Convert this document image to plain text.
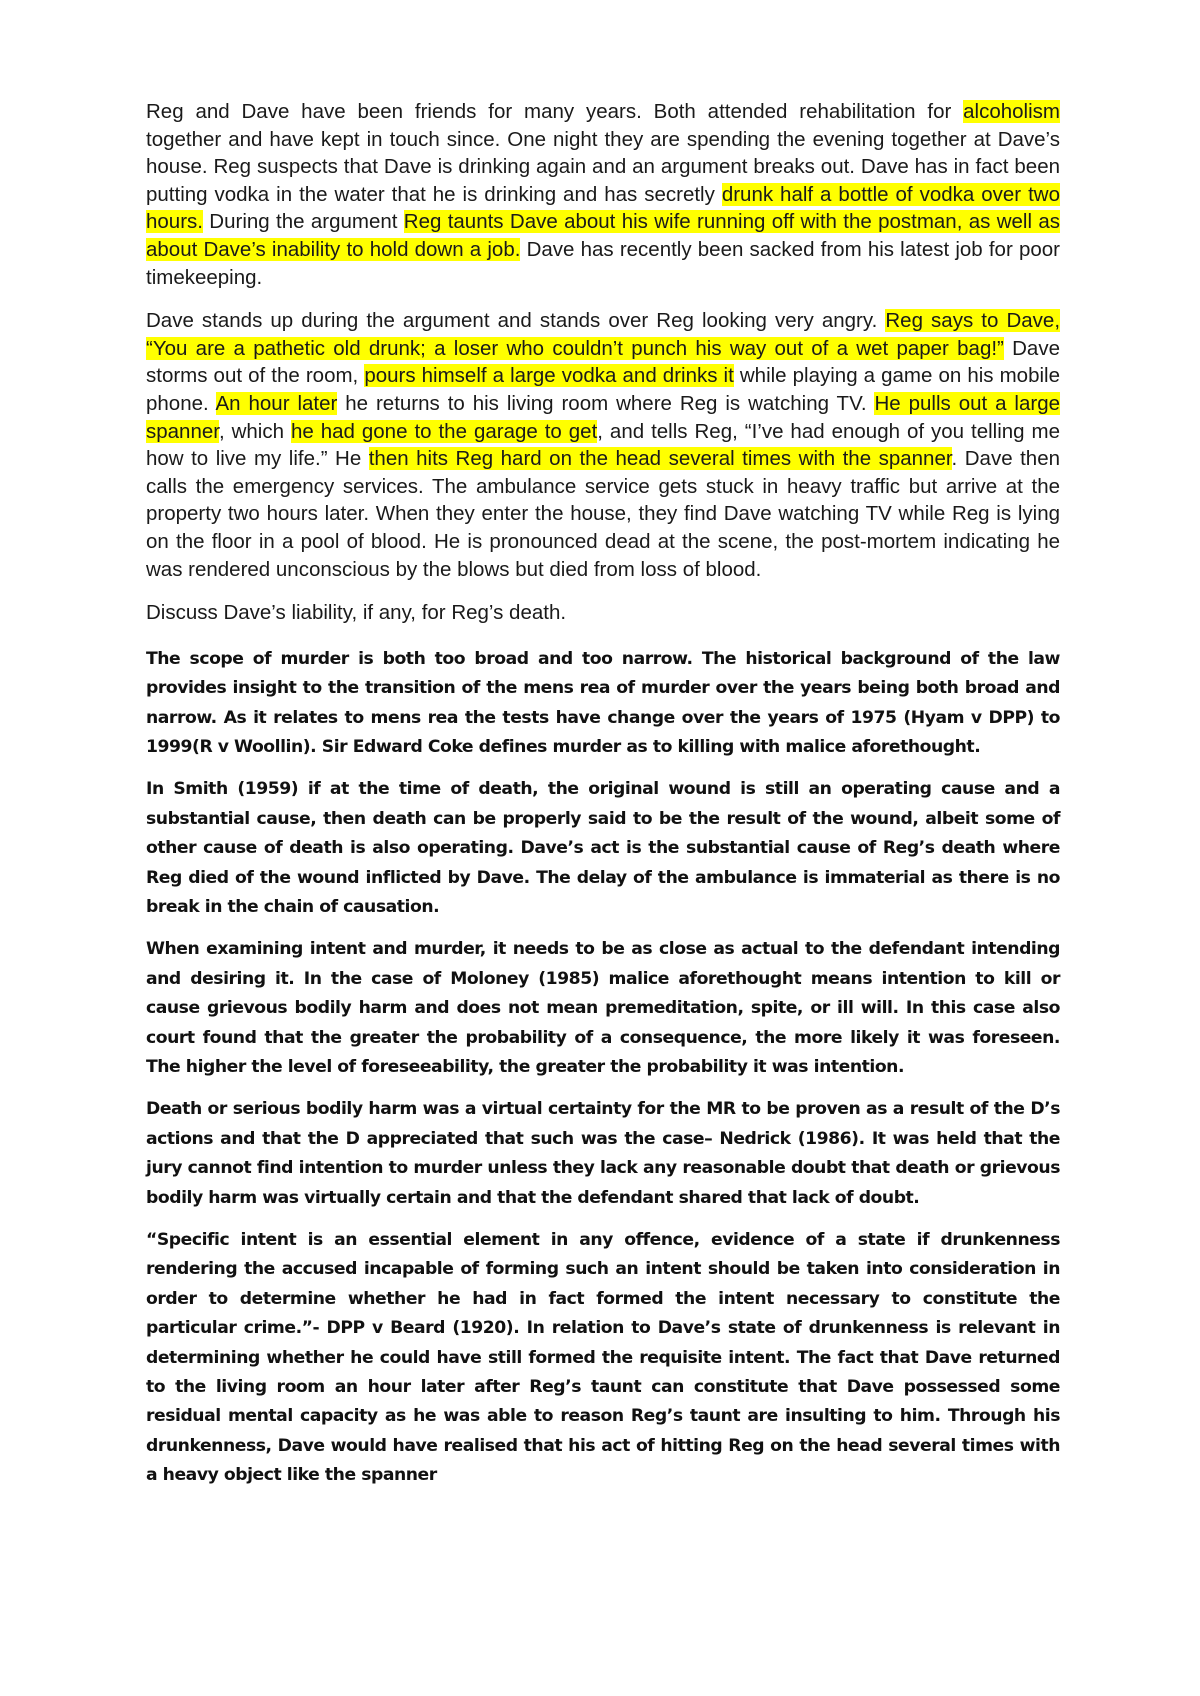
Reg and Dave have been friends for many years. Both attended rehabilitation for alcoholism together and have kept in touch since. One night they are spending the evening together at Dave’s house. Reg suspects that Dave is drinking again and an argument breaks out. Dave has in fact been putting vodka in the water that he is drinking and has secretly drunk half a bottle of vodka over two hours. During the argument Reg taunts Dave about his wife running off with the postman, as well as about Dave’s inability to hold down a job. Dave has recently been sacked from his latest job for poor timekeeping.

Dave stands up during the argument and stands over Reg looking very angry. Reg says to Dave, “You are a pathetic old drunk; a loser who couldn’t punch his way out of a wet paper bag!” Dave storms out of the room, pours himself a large vodka and drinks it while playing a game on his mobile phone. An hour later he returns to his living room where Reg is watching TV. He pulls out a large spanner, which he had gone to the garage to get, and tells Reg, “I’ve had enough of you telling me how to live my life.” He then hits Reg hard on the head several times with the spanner. Dave then calls the emergency services. The ambulance service gets stuck in heavy traffic but arrive at the property two hours later. When they enter the house, they find Dave watching TV while Reg is lying on the floor in a pool of blood. He is pronounced dead at the scene, the post-mortem indicating he was rendered unconscious by the blows but died from loss of blood.

Discuss Dave’s liability, if any, for Reg’s death.

The scope of murder is both too broad and too narrow. The historical background of the law provides insight to the transition of the mens rea of murder over the years being both broad and narrow. As it relates to mens rea the tests have change over the years of 1975 (Hyam v DPP) to 1999(R v Woollin). Sir Edward Coke defines murder as to killing with malice aforethought.

In Smith (1959) if at the time of death, the original wound is still an operating cause and a substantial cause, then death can be properly said to be the result of the wound, albeit some of other cause of death is also operating. Dave’s act is the substantial cause of Reg’s death where Reg died of the wound inflicted by Dave. The delay of the ambulance is immaterial as there is no break in the chain of causation.

When examining intent and murder, it needs to be as close as actual to the defendant intending and desiring it. In the case of Moloney (1985) malice aforethought means intention to kill or cause grievous bodily harm and does not mean premeditation, spite, or ill will. In this case also court found that the greater the probability of a consequence, the more likely it was foreseen. The higher the level of foreseeability, the greater the probability it was intention.

Death or serious bodily harm was a virtual certainty for the MR to be proven as a result of the D’s actions and that the D appreciated that such was the case– Nedrick (1986). It was held that the jury cannot find intention to murder unless they lack any reasonable doubt that death or grievous bodily harm was virtually certain and that the defendant shared that lack of doubt.

“Specific intent is an essential element in any offence, evidence of a state if drunkenness rendering the accused incapable of forming such an intent should be taken into consideration in order to determine whether he had in fact formed the intent necessary to constitute the particular crime.”- DPP v Beard (1920). In relation to Dave’s state of drunkenness is relevant in determining whether he could have still formed the requisite intent. The fact that Dave returned to the living room an hour later after Reg’s taunt can constitute that Dave possessed some residual mental capacity as he was able to reason Reg’s taunt are insulting to him. Through his drunkenness, Dave would have realised that his act of hitting Reg on the head several times with a heavy object like the spanner
